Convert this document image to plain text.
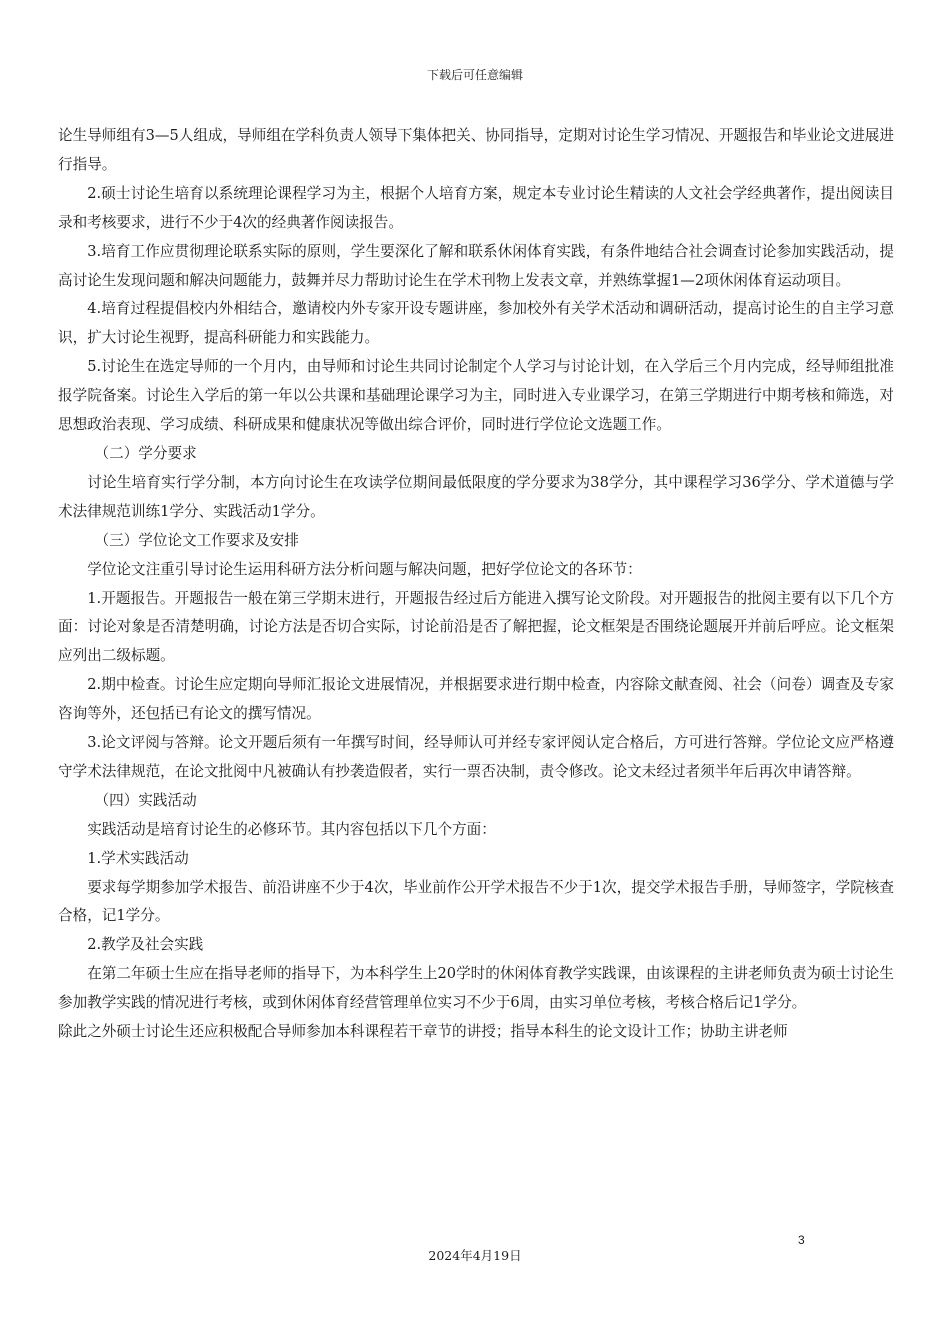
下载后可任意编辑

论生导师组有3—5人组成，导师组在学科负责人领导下集体把关、协同指导，定期对讨论生学习情况、开题报告和毕业论文进展进行指导。

2.硕士讨论生培育以系统理论课程学习为主，根据个人培育方案，规定本专业讨论生精读的人文社会学经典著作，提出阅读目录和考核要求，进行不少于4次的经典著作阅读报告。

3.培育工作应贯彻理论联系实际的原则，学生要深化了解和联系休闲体育实践，有条件地结合社会调查讨论参加实践活动，提高讨论生发现问题和解决问题能力，鼓舞并尽力帮助讨论生在学术刊物上发表文章，并熟练掌握1—2项休闲体育运动项目。

4.培育过程提倡校内外相结合，邀请校内外专家开设专题讲座，参加校外有关学术活动和调研活动，提高讨论生的自主学习意识，扩大讨论生视野，提高科研能力和实践能力。

5.讨论生在选定导师的一个月内，由导师和讨论生共同讨论制定个人学习与讨论计划，在入学后三个月内完成，经导师组批准报学院备案。讨论生入学后的第一年以公共课和基础理论课学习为主，同时进入专业课学习，在第三学期进行中期考核和筛选，对思想政治表现、学习成绩、科研成果和健康状况等做出综合评价，同时进行学位论文选题工作。

（二）学分要求

讨论生培育实行学分制，本方向讨论生在攻读学位期间最低限度的学分要求为38学分，其中课程学习36学分、学术道德与学术法律规范训练1学分、实践活动1学分。

（三）学位论文工作要求及安排

学位论文注重引导讨论生运用科研方法分析问题与解决问题，把好学位论文的各环节：

1.开题报告。开题报告一般在第三学期末进行，开题报告经过后方能进入撰写论文阶段。对开题报告的批阅主要有以下几个方面：讨论对象是否清楚明确，讨论方法是否切合实际，讨论前沿是否了解把握，论文框架是否围绕论题展开并前后呼应。论文框架应列出二级标题。

2.期中检查。讨论生应定期向导师汇报论文进展情况，并根据要求进行期中检查，内容除文献查阅、社会（问卷）调查及专家咨询等外，还包括已有论文的撰写情况。

3.论文评阅与答辩。论文开题后须有一年撰写时间，经导师认可并经专家评阅认定合格后，方可进行答辩。学位论文应严格遵守学术法律规范，在论文批阅中凡被确认有抄袭造假者，实行一票否决制，责令修改。论文未经过者须半年后再次申请答辩。

（四）实践活动

实践活动是培育讨论生的必修环节。其内容包括以下几个方面：

1.学术实践活动

要求每学期参加学术报告、前沿讲座不少于4次，毕业前作公开学术报告不少于1次，提交学术报告手册，导师签字，学院核查合格，记1学分。

2.教学及社会实践

在第二年硕士生应在指导老师的指导下，为本科学生上20学时的休闲体育教学实践课，由该课程的主讲老师负责为硕士讨论生参加教学实践的情况进行考核，或到休闲体育经营管理单位实习不少于6周，由实习单位考核，考核合格后记1学分。

除此之外硕士讨论生还应积极配合导师参加本科课程若干章节的讲授；指导本科生的论文设计工作；协助主讲老师

3
2024年4月19日
